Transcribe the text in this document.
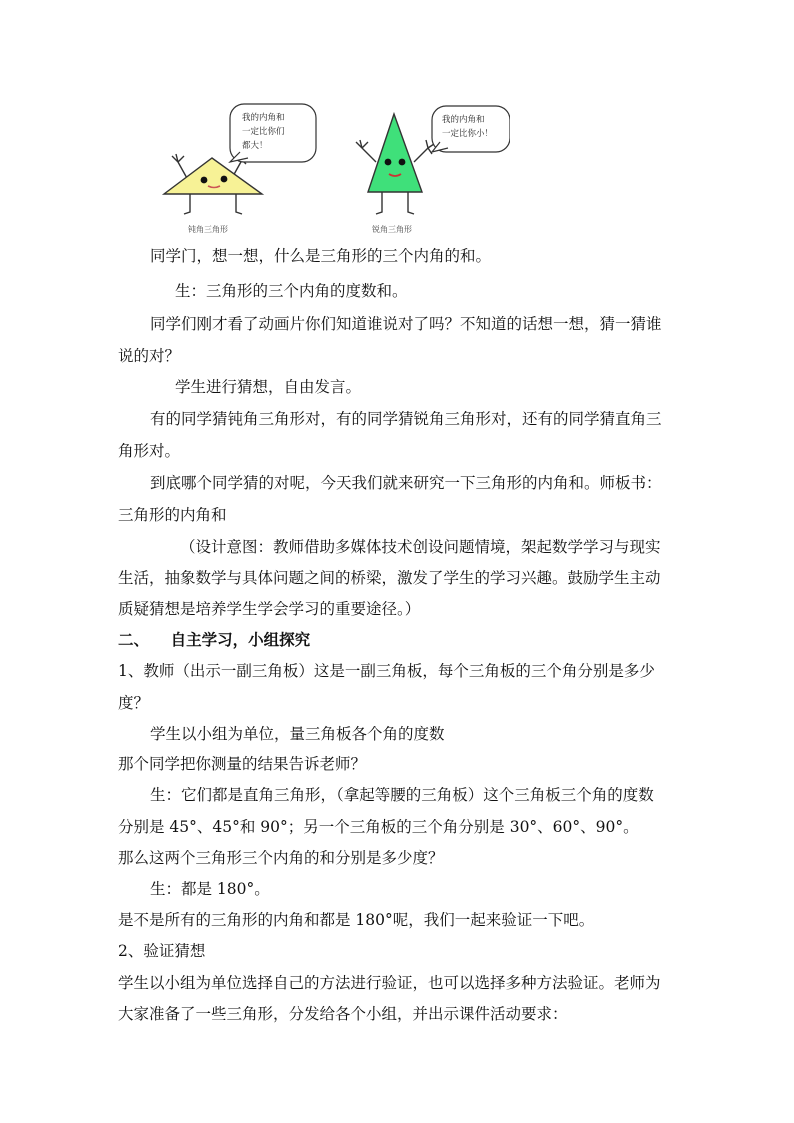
我的内角和
一定比你们
都大！
钝角三角形
我的内角和
一定比你小！
锐角三角形
同学门，想一想，什么是三角形的三个内角的和。
生：三角形的三个内角的度数和。
同学们刚才看了动画片你们知道谁说对了吗？不知道的话想一想，猜一猜谁
说的对？
学生进行猜想，自由发言。
有的同学猜钝角三角形对，有的同学猜锐角三角形对，还有的同学猜直角三
角形对。
到底哪个同学猜的对呢，今天我们就来研究一下三角形的内角和。师板书：
三角形的内角和
（设计意图：教师借助多媒体技术创设问题情境，架起数学学习与现实
生活，抽象数学与具体问题之间的桥梁，激发了学生的学习兴趣。鼓励学生主动
质疑猜想是培养学生学会学习的重要途径。）
二、    自主学习，小组探究
1、教师（出示一副三角板）这是一副三角板，每个三角板的三个角分别是多少
度？
学生以小组为单位，量三角板各个角的度数
那个同学把你测量的结果告诉老师？
生：它们都是直角三角形，（拿起等腰的三角板）这个三角板三个角的度数
分别是 45°、45°和 90°；另一个三角板的三个角分别是 30°、60°、90°。
那么这两个三角形三个内角的和分别是多少度？
生：都是 180°。
是不是所有的三角形的内角和都是 180°呢，我们一起来验证一下吧。
2、验证猜想
学生以小组为单位选择自己的方法进行验证，也可以选择多种方法验证。老师为
大家准备了一些三角形，分发给各个小组，并出示课件活动要求：
